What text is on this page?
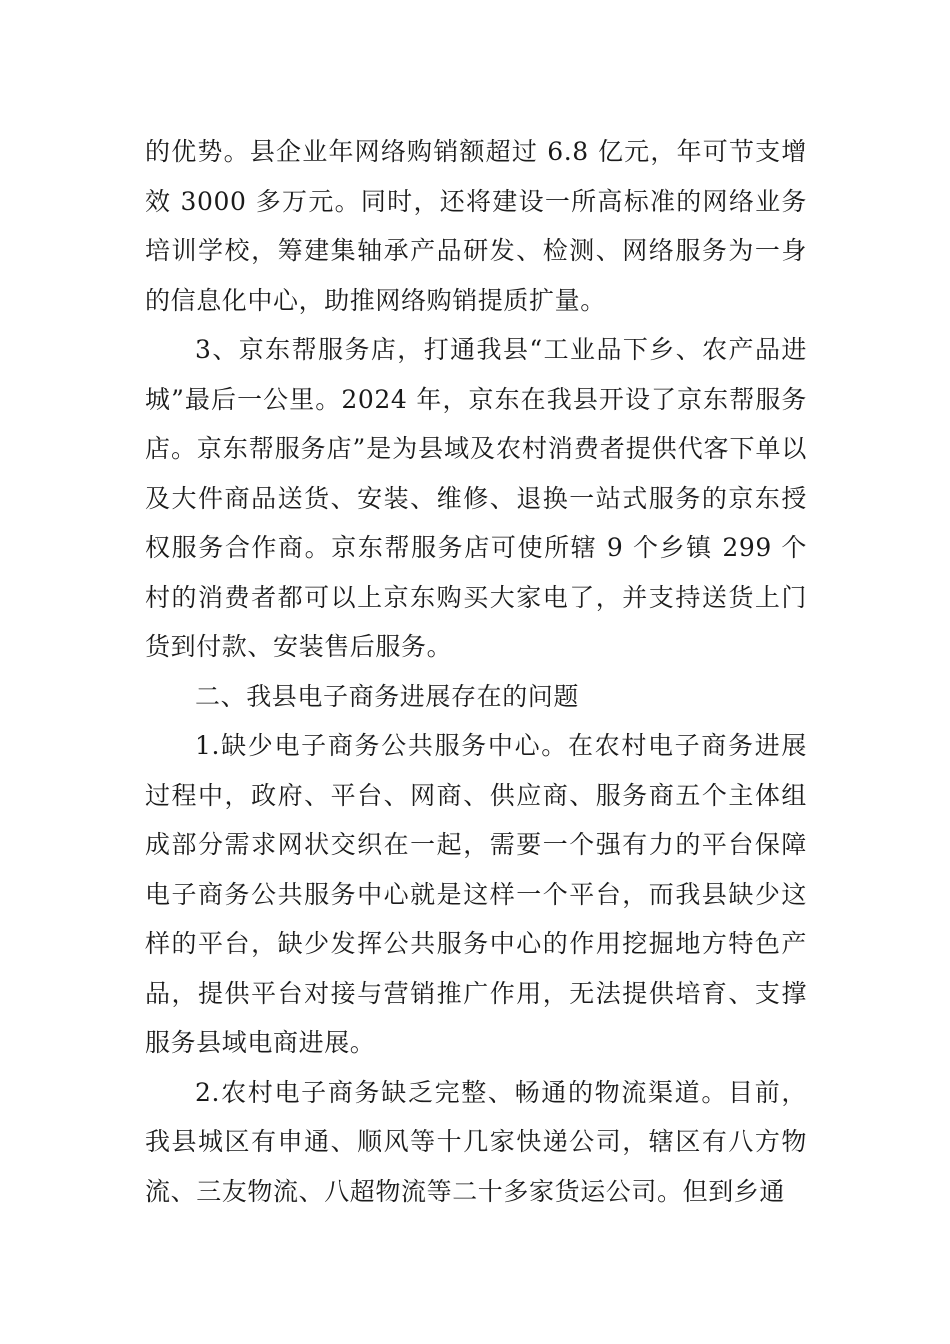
的优势。县企业年网络购销额超过 6.8 亿元，年可节支增效 3000 多万元。同时，还将建设一所高标准的网络业务培训学校，筹建集轴承产品研发、检测、网络服务为一身的信息化中心，助推网络购销提质扩量。

3、京东帮服务店，打通我县“工业品下乡、农产品进城”最后一公里。2024 年，京东在我县开设了京东帮服务店。京东帮服务店”是为县域及农村消费者提供代客下单以及大件商品送货、安装、维修、退换一站式服务的京东授权服务合作商。京东帮服务店可使所辖 9 个乡镇 299 个村的消费者都可以上京东购买大家电了，并支持送货上门货到付款、安装售后服务。

二、我县电子商务进展存在的问题

1.缺少电子商务公共服务中心。在农村电子商务进展过程中，政府、平台、网商、供应商、服务商五个主体组成部分需求网状交织在一起，需要一个强有力的平台保障电子商务公共服务中心就是这样一个平台，而我县缺少这样的平台，缺少发挥公共服务中心的作用挖掘地方特色产品，提供平台对接与营销推广作用，无法提供培育、支撑服务县域电商进展。

2.农村电子商务缺乏完整、畅通的物流渠道。目前，我县城区有申通、顺风等十几家快递公司，辖区有八方物流、三友物流、八超物流等二十多家货运公司。但到乡通
